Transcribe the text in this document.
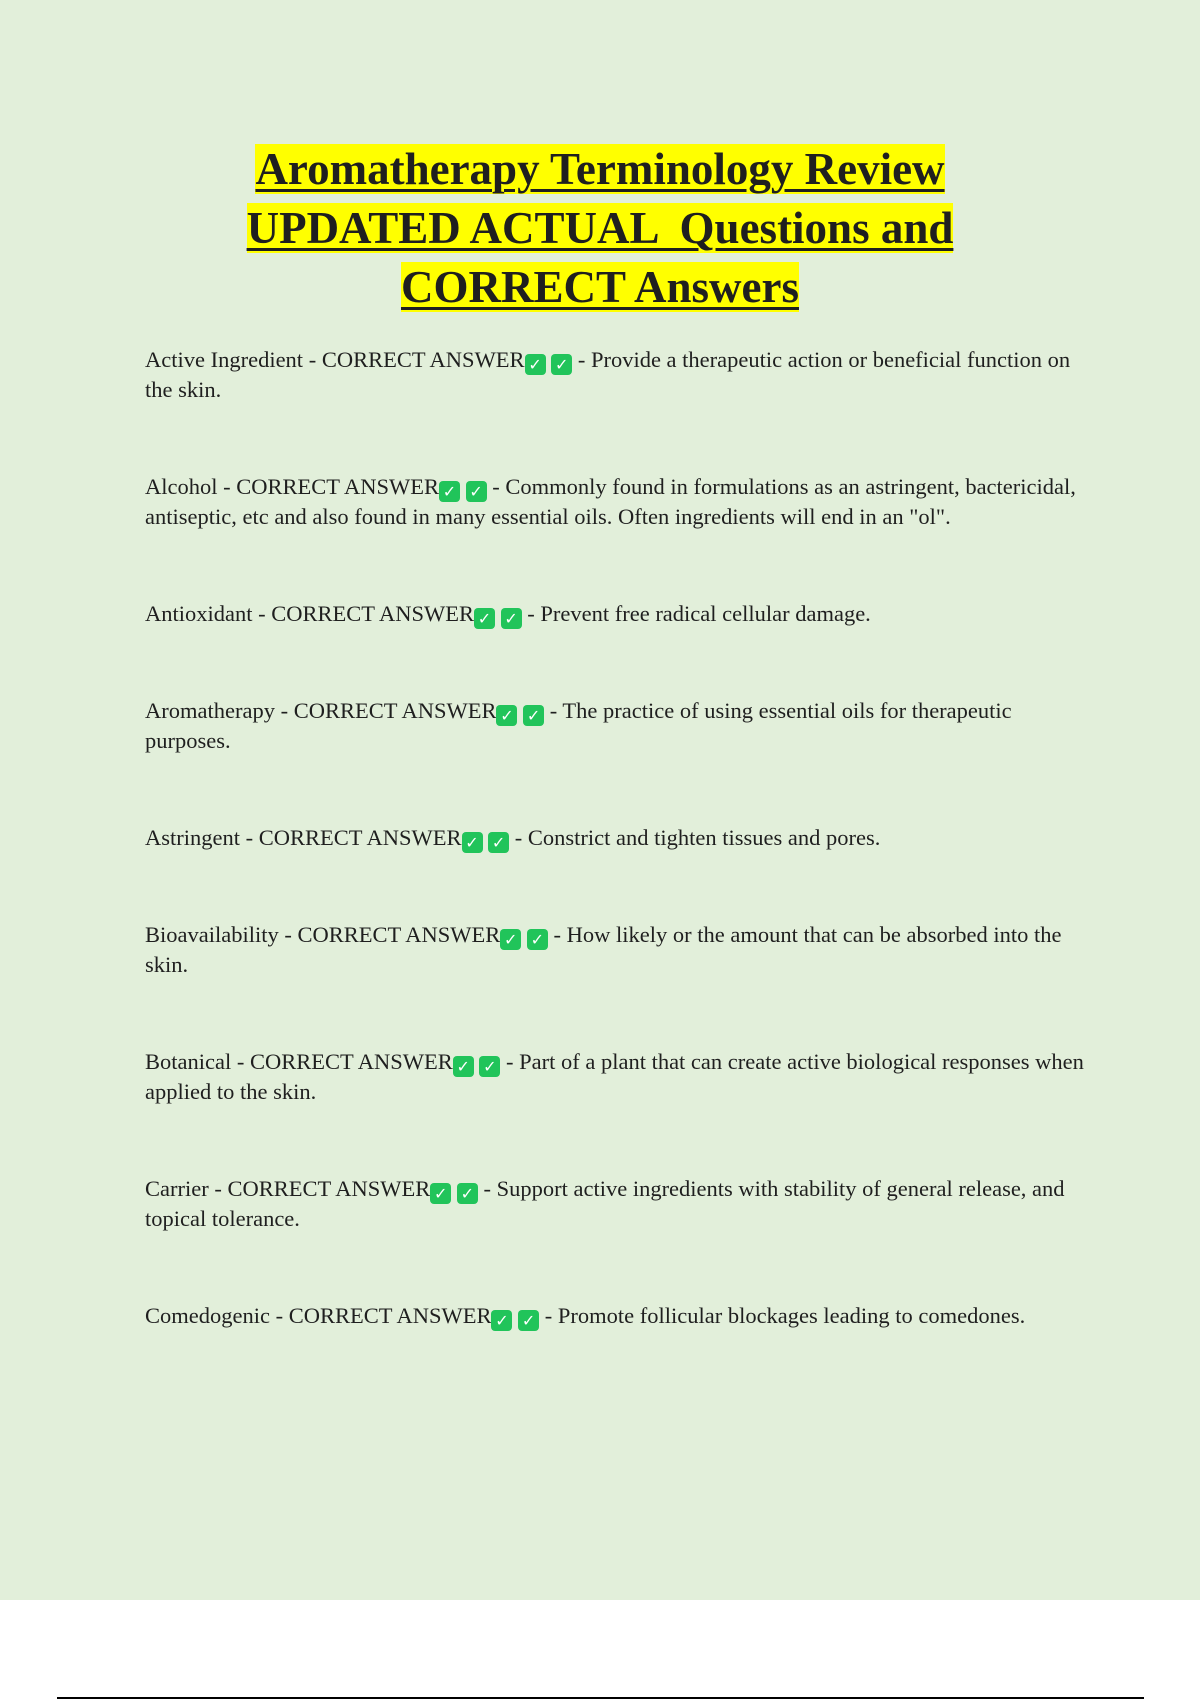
Aromatherapy Terminology Review
UPDATED ACTUAL  Questions and
CORRECT Answers

Active Ingredient - CORRECT ANSWER ✓ ✓ - Provide a therapeutic action or beneficial function on the skin.

Alcohol - CORRECT ANSWER ✓ ✓ - Commonly found in formulations as an astringent, bactericidal, antiseptic, etc and also found in many essential oils. Often ingredients will end in an "ol".

Antioxidant - CORRECT ANSWER ✓ ✓ - Prevent free radical cellular damage.

Aromatherapy - CORRECT ANSWER ✓ ✓ - The practice of using essential oils for therapeutic purposes.

Astringent - CORRECT ANSWER ✓ ✓ - Constrict and tighten tissues and pores.

Bioavailability - CORRECT ANSWER ✓ ✓ - How likely or the amount that can be absorbed into the skin.

Botanical - CORRECT ANSWER ✓ ✓ - Part of a plant that can create active biological responses when applied to the skin.

Carrier - CORRECT ANSWER ✓ ✓ - Support active ingredients with stability of general release, and topical tolerance.

Comedogenic - CORRECT ANSWER ✓ ✓ - Promote follicular blockages leading to comedones.
